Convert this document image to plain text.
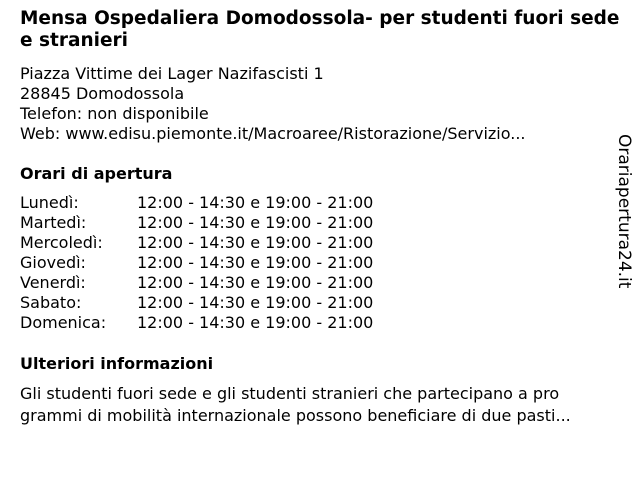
Mensa Ospedaliera Domodossola- per studenti fuori sede e stranieri
Piazza Vittime dei Lager Nazifascisti 1
28845 Domodossola
Telefon: non disponibile
Web: www.edisu.piemonte.it/Macroaree/Ristorazione/Servizio...
Orari di apertura
Lunedì:	12:00 - 14:30 e 19:00 - 21:00
Martedì:	12:00 - 14:30 e 19:00 - 21:00
Mercoledì:	12:00 - 14:30 e 19:00 - 21:00
Giovedì:	12:00 - 14:30 e 19:00 - 21:00
Venerdì:	12:00 - 14:30 e 19:00 - 21:00
Sabato:	12:00 - 14:30 e 19:00 - 21:00
Domenica:	12:00 - 14:30 e 19:00 - 21:00
Ulteriori informazioni
Gli studenti fuori sede e gli studenti stranieri che partecipano a pro
grammi di mobilità internazionale possono beneficiare di due pasti...
Orariapertura24.it
